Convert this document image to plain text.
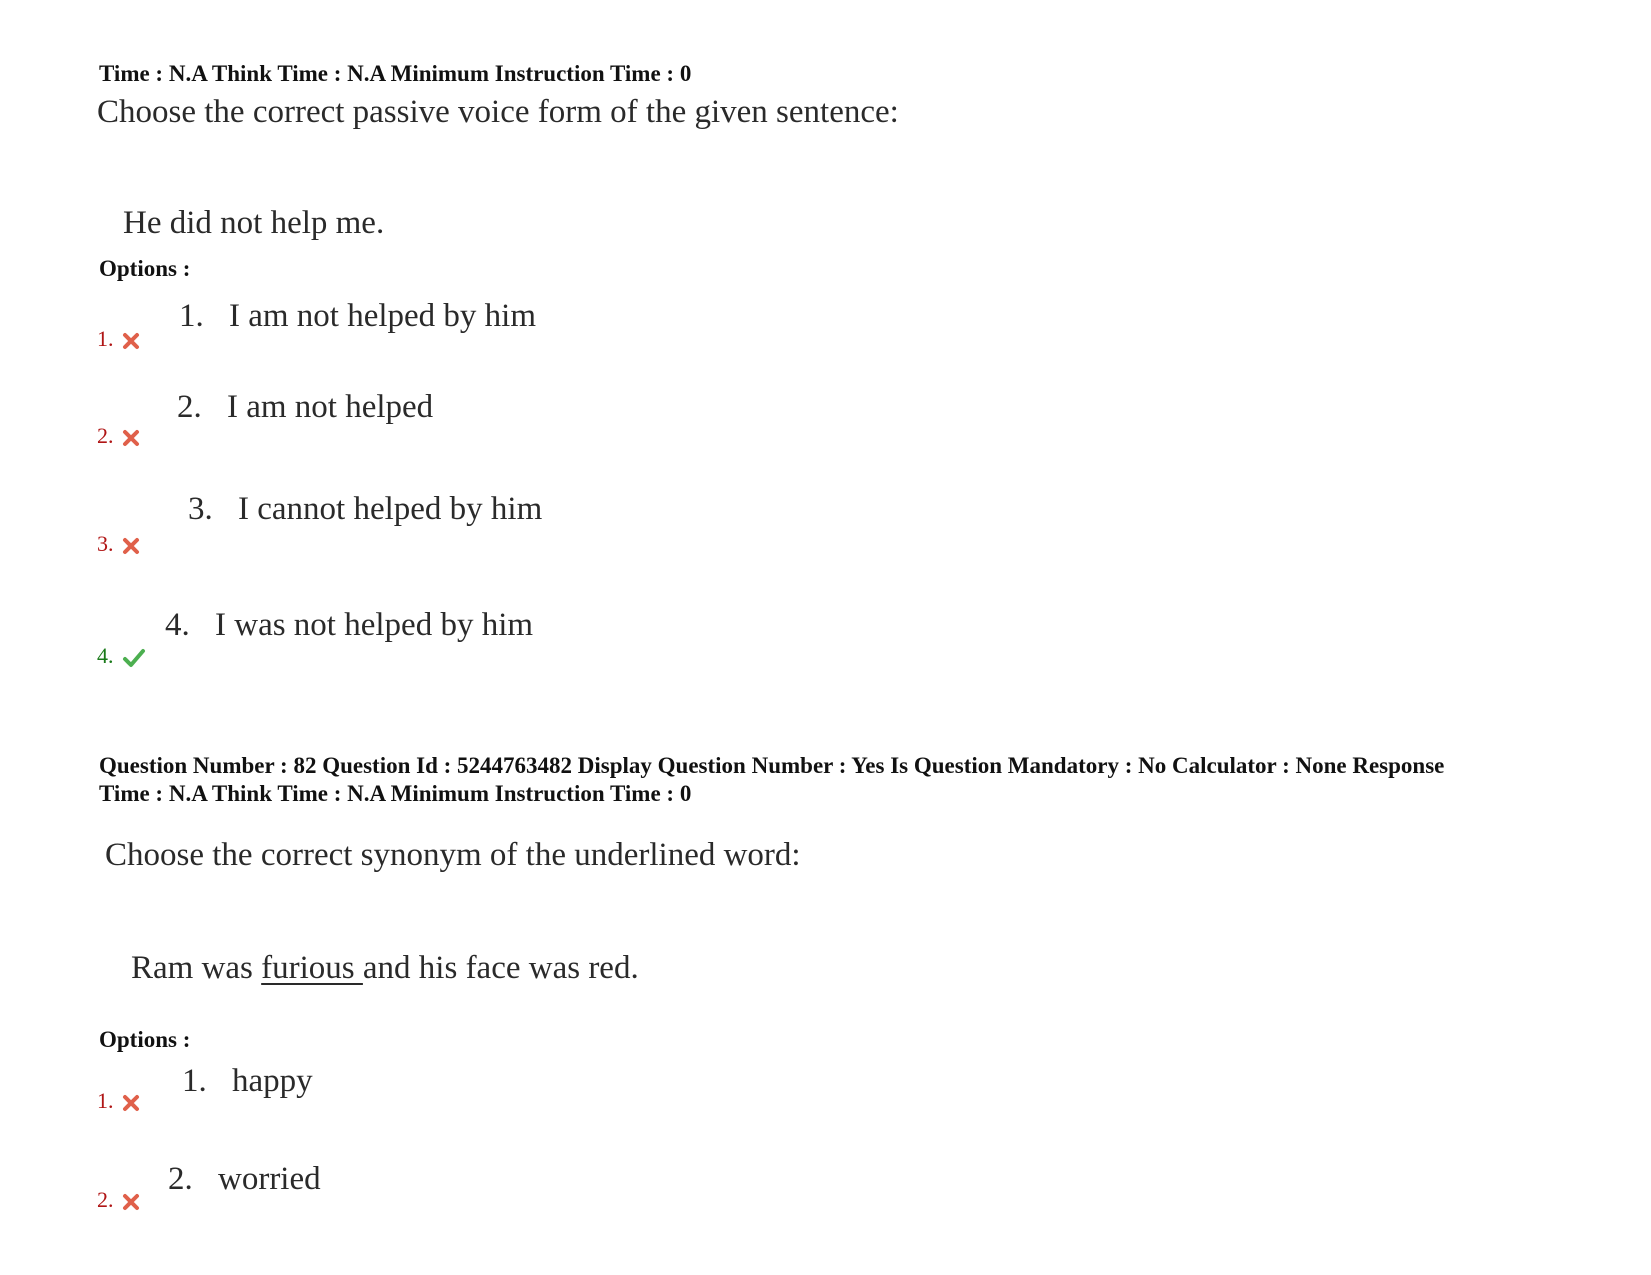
Time : N.A Think Time : N.A Minimum Instruction Time : 0
Choose the correct passive voice form of the given sentence:
He did not help me.
Options :
1.
1. I am not helped by him
2.
2. I am not helped
3.
3. I cannot helped by him
4.
4. I was not helped by him
Question Number : 82 Question Id : 5244763482 Display Question Number : Yes Is Question Mandatory : No Calculator : None Response
Time : N.A Think Time : N.A Minimum Instruction Time : 0
Choose the correct synonym of the underlined word:
Ram was furious and his face was red.
Options :
1.
1. happy
2.
2. worried
